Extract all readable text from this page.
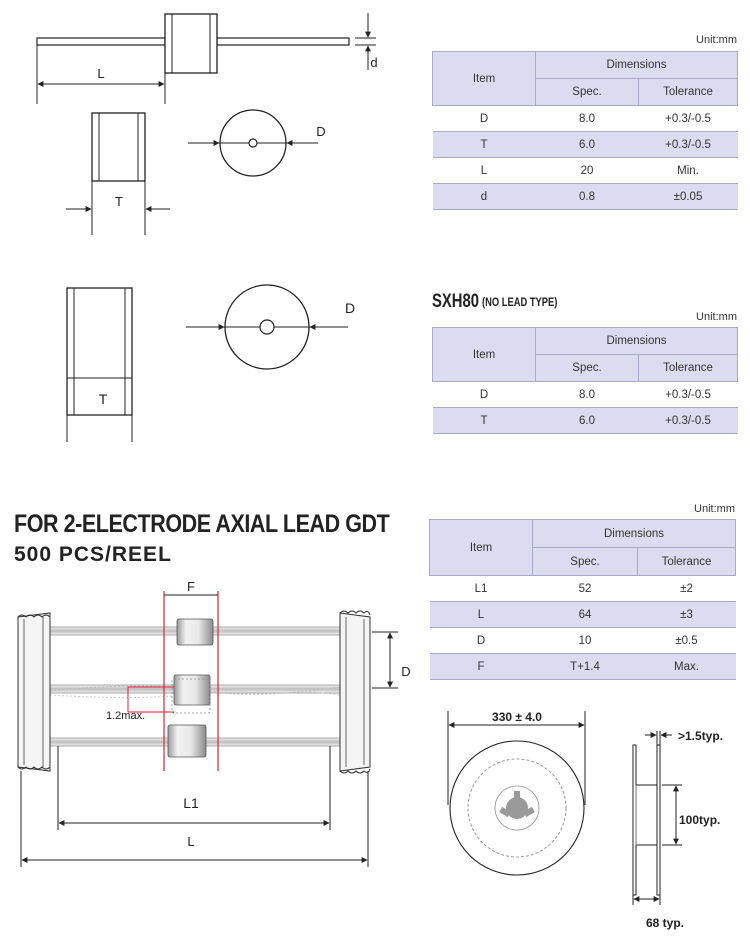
L
d
T
D
Unit:mm
Item	Dimensions	
	Spec.	Tolerance
D	8.0	+0.3/-0.5
T	6.0	+0.3/-0.5
L	20	Min.
d	0.8	±0.05
T
D	SXH80 (NO LEAD TYPE)
Unit:mm
Item	Dimensions	
	Spec.	Tolerance
D	8.0	+0.3/-0.5
T	6.0	+0.3/-0.5
FOR 2-ELECTRODE AXIAL LEAD GDT
500 PCS/REEL
Unit:mm
Item	Dimensions	
	Spec.	Tolerance
L1	52	±2
L	64	±3
D	10	±0.5
F	T+1.4	Max.
F
1.2max.
D
L1
L
330 ± 4.0
>1.5typ.
100typ.
68 typ.
